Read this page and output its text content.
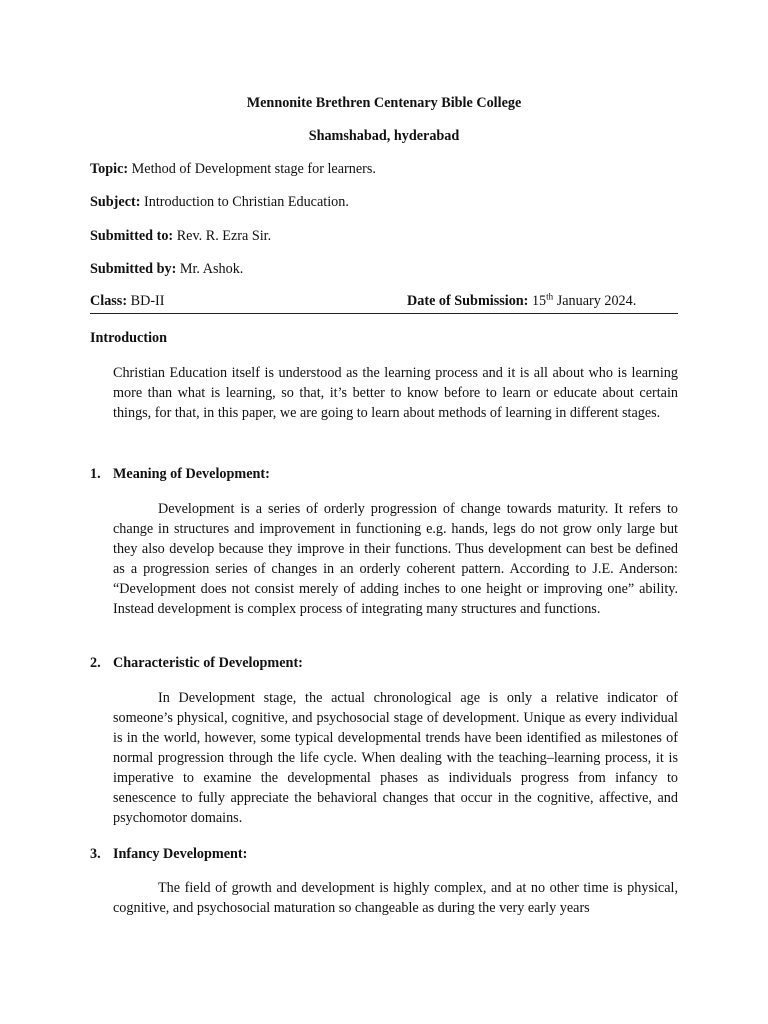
Mennonite Brethren Centenary Bible College
Shamshabad, hyderabad
Topic: Method of Development stage for learners.
Subject: Introduction to Christian Education.
Submitted to: Rev. R. Ezra Sir.
Submitted by: Mr. Ashok.
Class: BD-II	Date of Submission: 15th January 2024.
Introduction
Christian Education itself is understood as the learning process and it is all about who is learning more than what is learning, so that, it’s better to know before to learn or educate about certain things, for that, in this paper, we are going to learn about methods of learning in different stages.
1. Meaning of Development:
Development is a series of orderly progression of change towards maturity. It refers to change in structures and improvement in functioning e.g. hands, legs do not grow only large but they also develop because they improve in their functions. Thus development can best be defined as a progression series of changes in an orderly coherent pattern. According to J.E. Anderson: “Development does not consist merely of adding inches to one height or improving one” ability. Instead development is complex process of integrating many structures and functions.
2. Characteristic of Development:
In Development stage, the actual chronological age is only a relative indicator of someone’s physical, cognitive, and psychosocial stage of development. Unique as every individual is in the world, however, some typical developmental trends have been identified as milestones of normal progression through the life cycle. When dealing with the teaching–learning process, it is imperative to examine the developmental phases as individuals progress from infancy to senescence to fully appreciate the behavioral changes that occur in the cognitive, affective, and psychomotor domains.
3. Infancy Development:
The field of growth and development is highly complex, and at no other time is physical, cognitive, and psychosocial maturation so changeable as during the very early years
